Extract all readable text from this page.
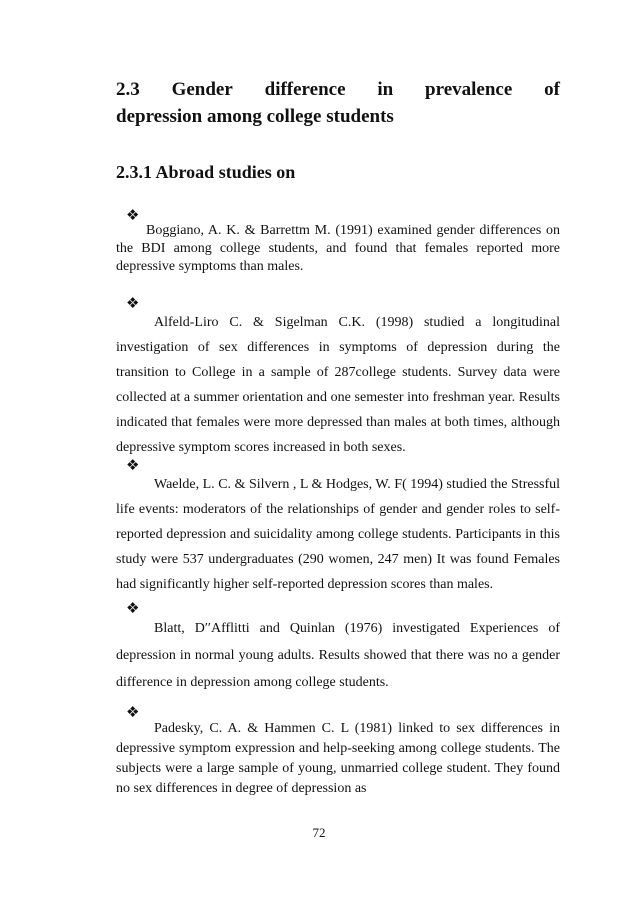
2.3 Gender difference in prevalence of
depression among college students
2.3.1 Abroad studies on
❖

Boggiano, A. K. & Barrettm M. (1991) examined gender differences on the BDI among college students, and found that females reported more depressive symptoms than males.

❖

Alfeld-Liro C. & Sigelman C.K. (1998) studied a longitudinal investigation of sex differences in symptoms of depression during the transition to College in a sample of 287college students. Survey data were collected at a summer orientation and one semester into freshman year. Results indicated that females were more depressed than males at both times, although depressive symptom scores increased in both sexes.

❖

Waelde, L. C. & Silvern , L & Hodges, W. F( 1994) studied the Stressful life events: moderators of the relationships of gender and gender roles to self-reported depression and suicidality among college students. Participants in this study were 537 undergraduates (290 women, 247 men) It was found Females had significantly higher self-reported depression scores than males.

❖

Blatt, D′′Afflitti and Quinlan (1976) investigated Experiences of depression in normal young adults. Results showed that there was no a gender difference in depression among college students.

❖

Padesky, C. A. & Hammen C. L (1981) linked to sex differences in depressive symptom expression and help-seeking among college students. The subjects were a large sample of young, unmarried college student. They found no sex differences in degree of depression as

72
